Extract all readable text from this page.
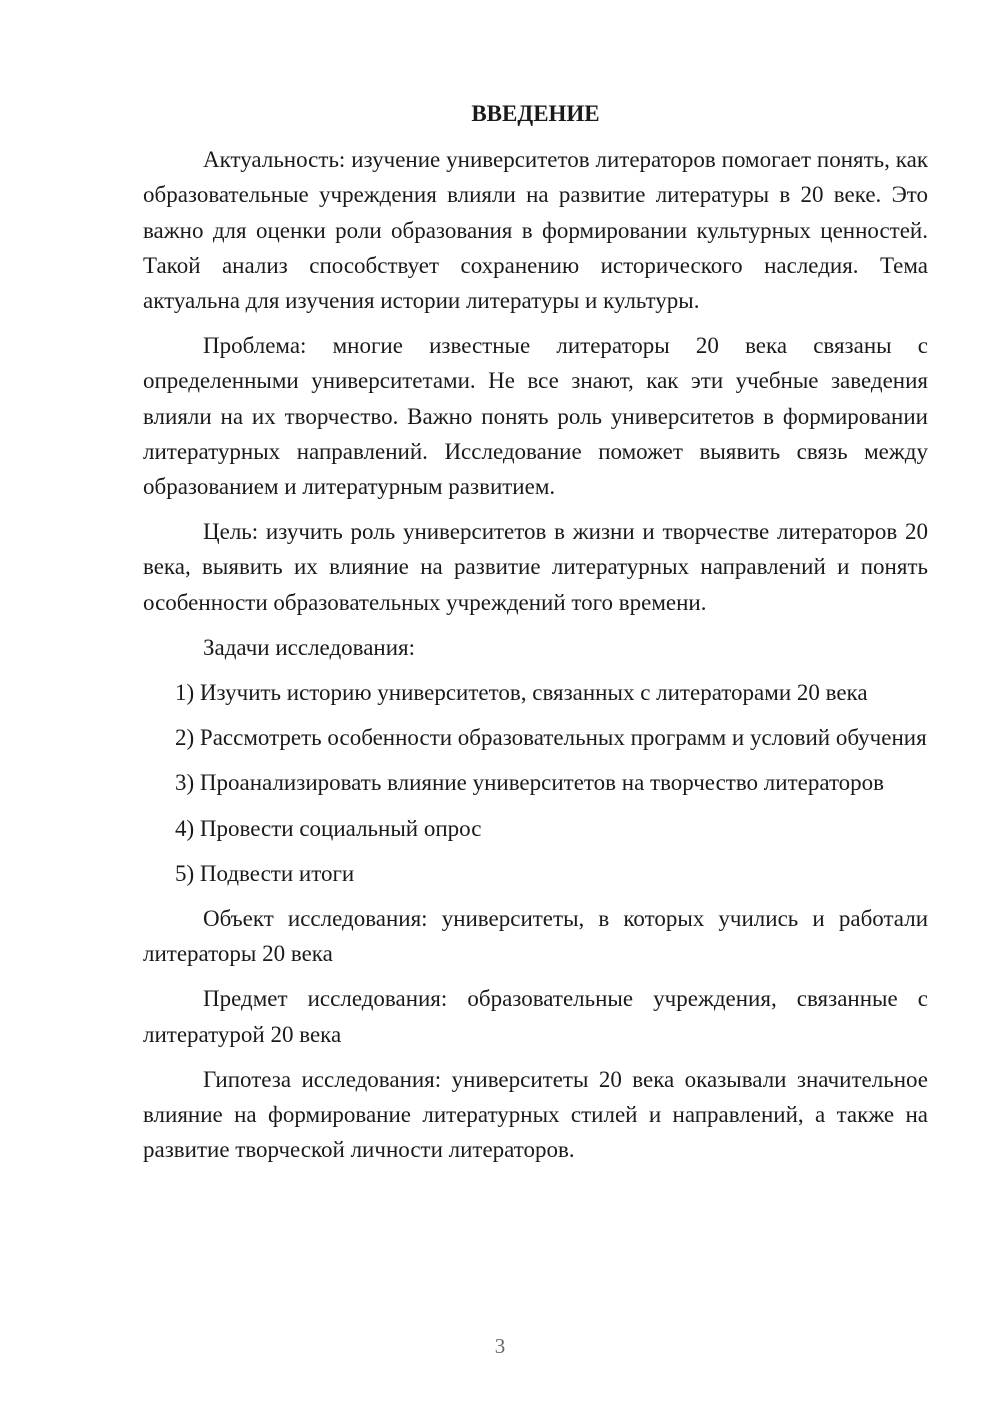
ВВЕДЕНИЕ

Актуальность: изучение университетов литераторов помогает понять, как образовательные учреждения влияли на развитие литературы в 20 веке. Это важно для оценки роли образования в формировании культурных ценностей. Такой анализ способствует сохранению исторического наследия. Тема актуальна для изучения истории литературы и культуры.

Проблема: многие известные литераторы 20 века связаны с определенными университетами. Не все знают, как эти учебные заведения влияли на их творчество. Важно понять роль университетов в формировании литературных направлений. Исследование поможет выявить связь между образованием и литературным развитием.

Цель: изучить роль университетов в жизни и творчестве литераторов 20 века, выявить их влияние на развитие литературных направлений и понять особенности образовательных учреждений того времени.

Задачи исследования:

1) Изучить историю университетов, связанных с литераторами 20 века

2) Рассмотреть особенности образовательных программ и условий обучения

3) Проанализировать влияние университетов на творчество литераторов

4) Провести социальный опрос

5) Подвести итоги

Объект исследования: университеты, в которых учились и работали литераторы 20 века

Предмет исследования: образовательные учреждения, связанные с литературой 20 века

Гипотеза исследования: университеты 20 века оказывали значительное влияние на формирование литературных стилей и направлений, а также на развитие творческой личности литераторов.

3
